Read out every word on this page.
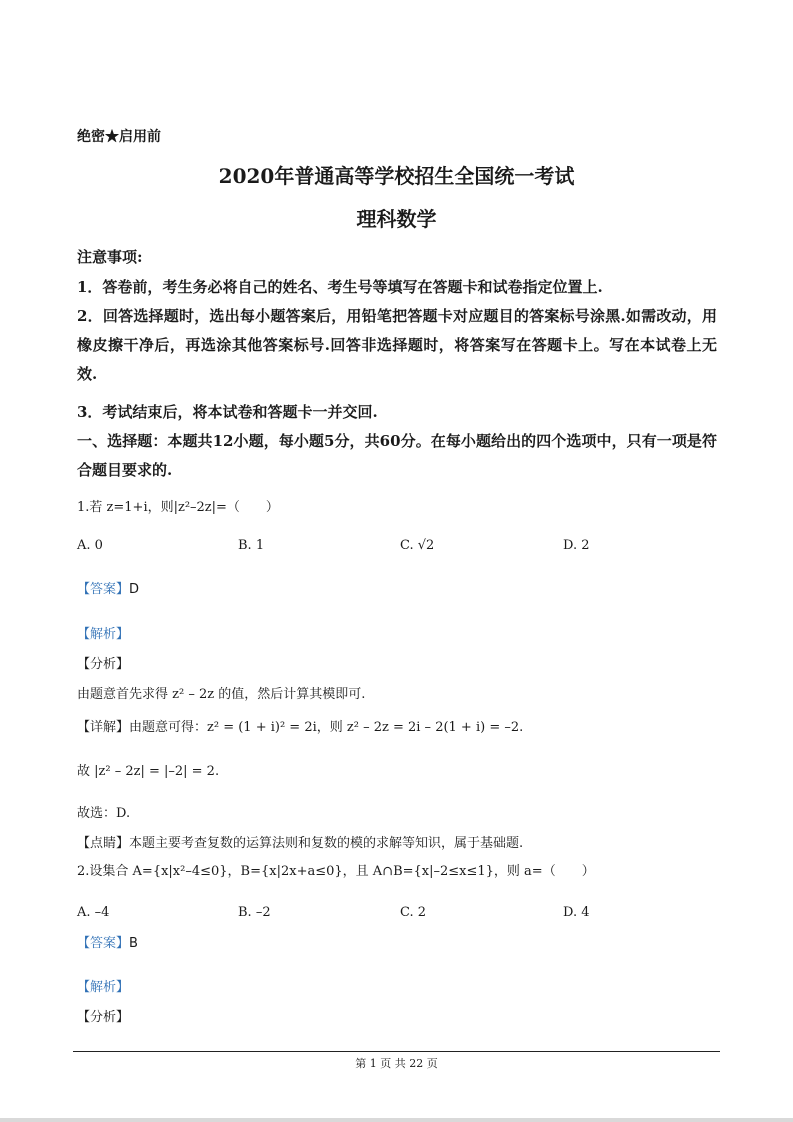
绝密★启用前
2020年普通高等学校招生全国统一考试
理科数学
注意事项:
1．答卷前，考生务必将自己的姓名、考生号等填写在答题卡和试卷指定位置上.
2．回答选择题时，选出每小题答案后，用铅笔把答题卡对应题目的答案标号涂黑.如需改动，用橡皮擦干净后，再选涂其他答案标号.回答非选择题时，将答案写在答题卡上。写在本试卷上无效.
3．考试结束后，将本试卷和答题卡一并交回.
一、选择题：本题共12小题，每小题5分，共60分。在每小题给出的四个选项中，只有一项是符合题目要求的.
1.若 z=1+i，则|z²–2z|=（　　）
A. 0	B. 1	C. √2	D. 2
【答案】D
【解析】
【分析】
由题意首先求得 z² – 2z 的值，然后计算其模即可.
【详解】由题意可得：z² = (1 + i)² = 2i，则 z² – 2z = 2i – 2(1 + i) = –2.
故 |z² – 2z| = |–2| = 2.
故选：D.
【点睛】本题主要考查复数的运算法则和复数的模的求解等知识，属于基础题.
2.设集合 A={x|x²–4≤0}，B={x|2x+a≤0}，且 A∩B={x|–2≤x≤1}，则 a=（　　）
A. –4	B. –2	C. 2	D. 4
【答案】B
【解析】
【分析】
第 1 页 共 22 页
